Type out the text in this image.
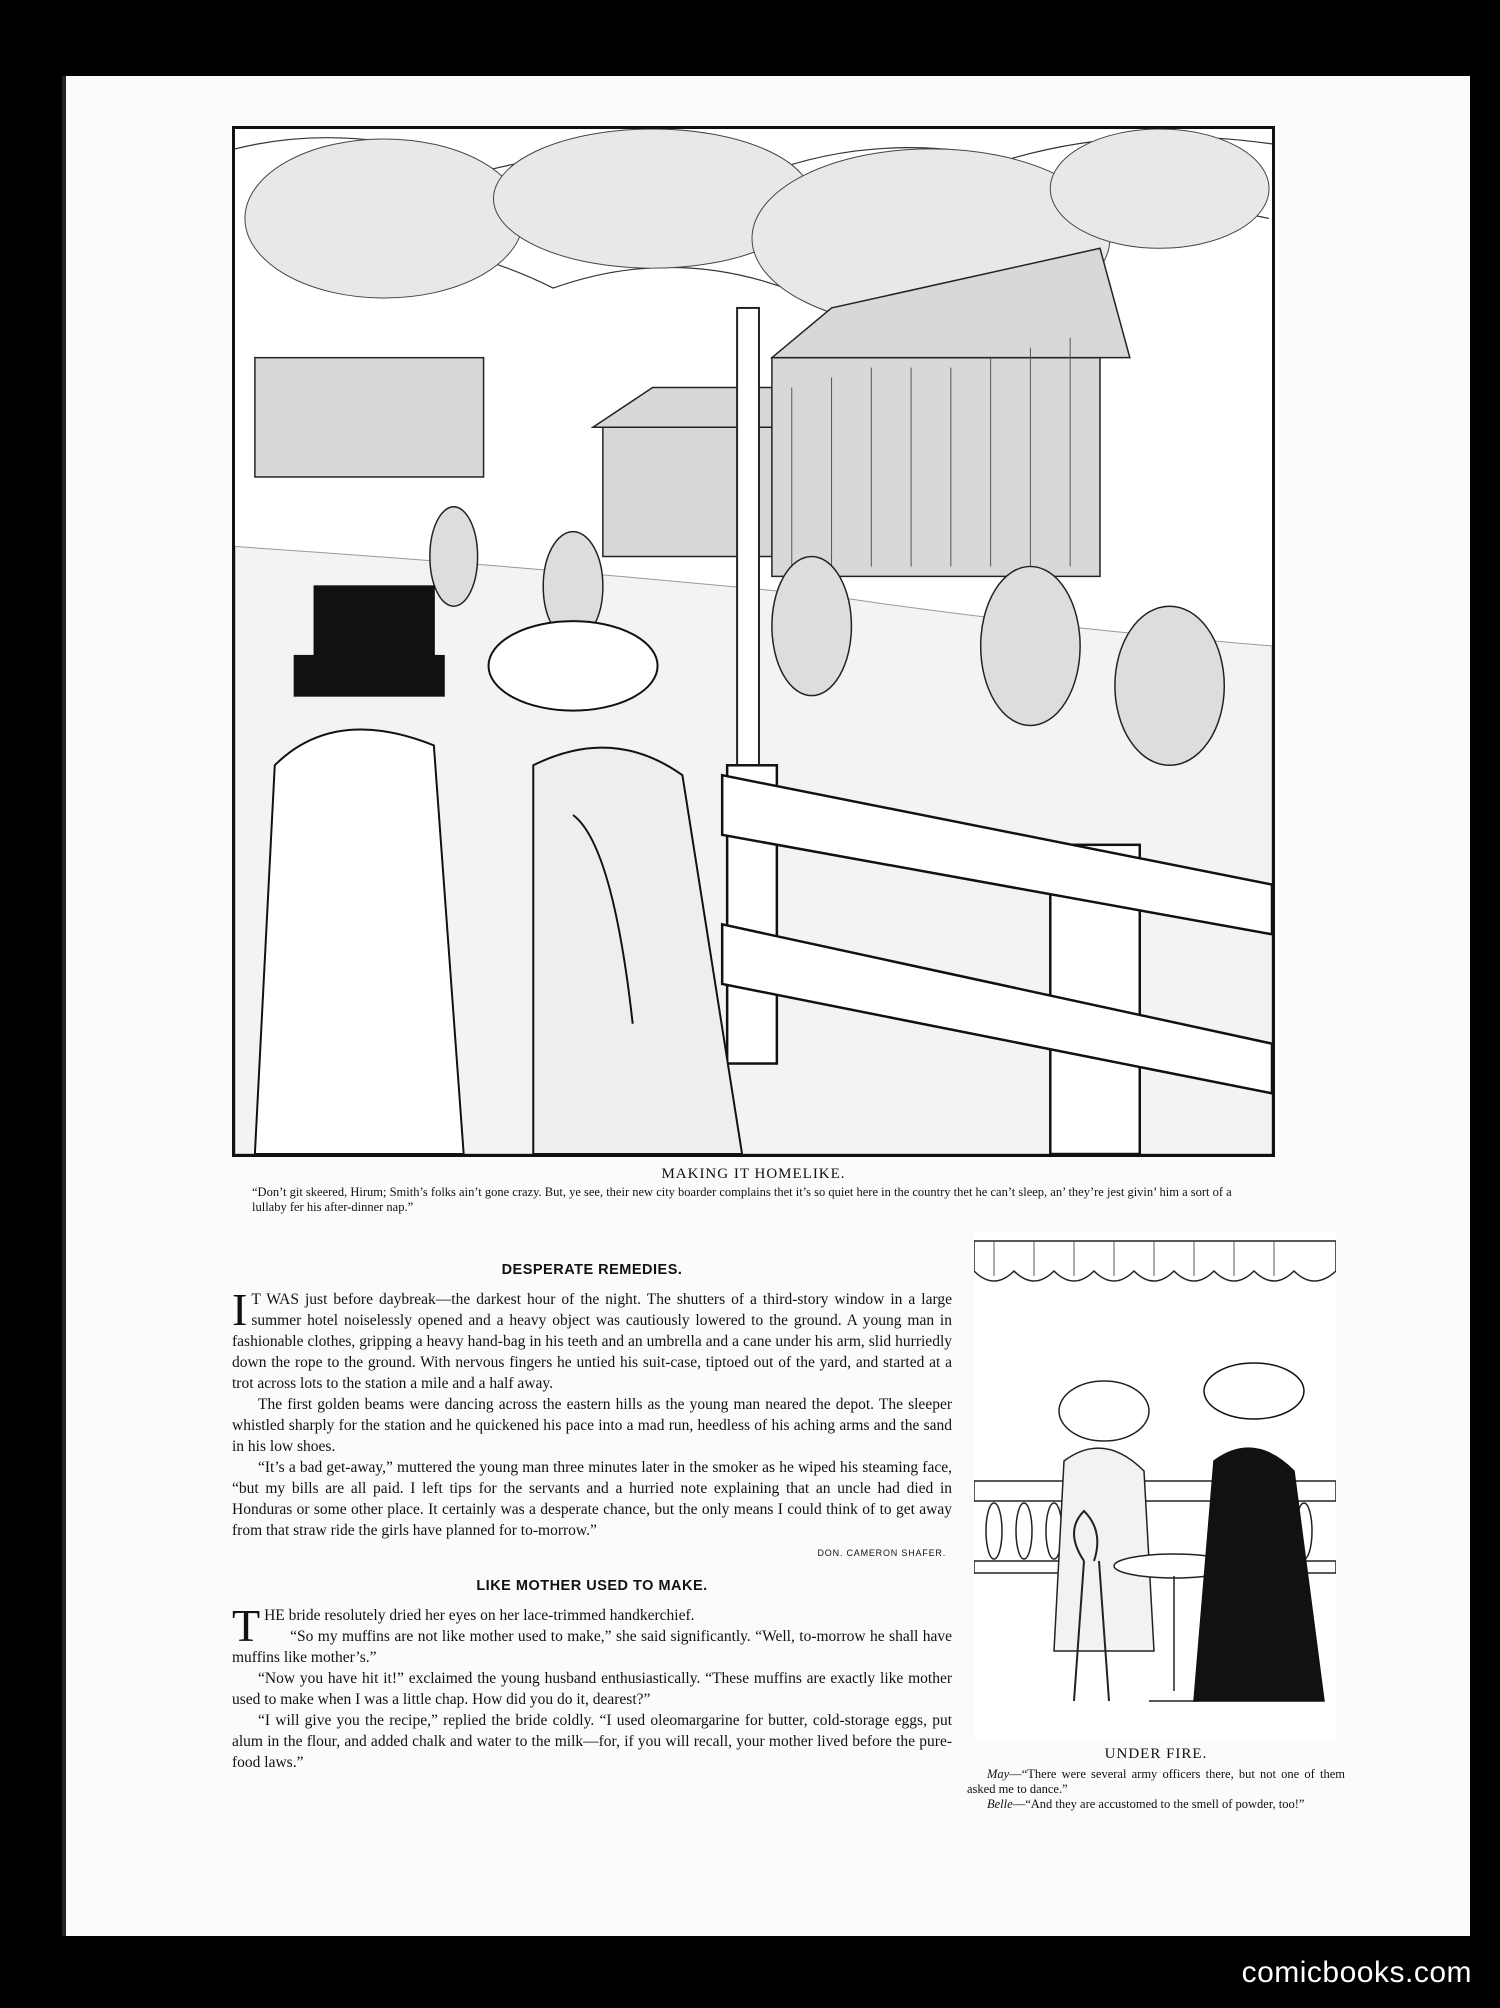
MAKING IT HOMELIKE.
“Don’t git skeered, Hirum; Smith’s folks ain’t gone crazy. But, ye see, their new city boarder complains thet it’s so quiet here in the country thet he can’t sleep, an’ they’re jest givin’ him a sort of a lullaby fer his after-dinner nap.”
DESPERATE REMEDIES.

I T WAS just before daybreak—the darkest hour of the night. The shutters of a third-story window in a large summer hotel noiselessly opened and a heavy object was cautiously lowered to the ground. A young man in fashionable clothes, gripping a heavy hand-bag in his teeth and an umbrella and a cane under his arm, slid hurriedly down the rope to the ground. With nervous fingers he untied his suit-case, tiptoed out of the yard, and started at a trot across lots to the station a mile and a half away.

The first golden beams were dancing across the eastern hills as the young man neared the depot. The sleeper whistled sharply for the station and he quickened his pace into a mad run, heedless of his aching arms and the sand in his low shoes.

“It’s a bad get-away,” muttered the young man three minutes later in the smoker as he wiped his steaming face, “but my bills are all paid. I left tips for the servants and a hurried note explaining that an uncle had died in Honduras or some other place. It certainly was a desperate chance, but the only means I could think of to get away from that straw ride the girls have planned for to-morrow.”

DON. CAMERON SHAFER.
LIKE MOTHER USED TO MAKE.

THE bride resolutely dried her eyes on her lace-trimmed handkerchief.

“So my muffins are not like mother used to make,” she said significantly. “Well, to-morrow he shall have muffins like mother’s.”

“Now you have hit it!” exclaimed the young husband enthusiastically. “These muffins are exactly like mother used to make when I was a little chap. How did you do it, dearest?”

“I will give you the recipe,” replied the bride coldly. “I used oleomargarine for butter, cold-storage eggs, put alum in the flour, and added chalk and water to the milk—for, if you will recall, your mother lived before the pure-food laws.”	UNDER FIRE.
May—“There were several army officers there, but not one of them asked me to dance.”
Belle—“And they are accustomed to the smell of powder, too!”
comicbooks.com
